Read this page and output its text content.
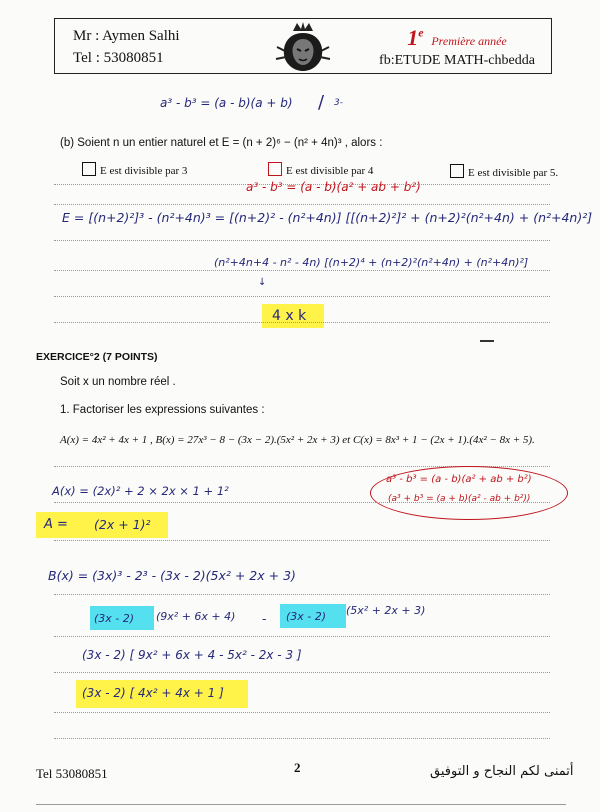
Mr : Aymen Salhi
Tel : 53080851
1e Première année
fb:ETUDE MATH-chbedda
a³ - b³ = (a - b)(a + b) / 3-
(b) Soient n un entier naturel et E = (n + 2)⁶ − (n² + 4n)³ , alors :
E est divisible par 3	E est divisible par 4	E est divisible par 5.
a³ - b³ = (a - b)(a² + ab + b²)
E = [(n+2)²]³ - (n²+4n)³ = [(n+2)² - (n²+4n)] [[(n+2)²]² + (n+2)²(n²+4n) + (n²+4n)²]
(n²+4n+4 - n² - 4n) [(n+2)⁴ + (n+2)²(n²+4n) + (n²+4n)²]
↓
4 x k
EXERCICE°2 (7 POINTS)
Soit x un nombre réel .
1. Factoriser les expressions suivantes :
A(x) = 4x² + 4x + 1 , B(x) = 27x³ − 8 − (3x − 2).(5x² + 2x + 3) et C(x) = 8x³ + 1 − (2x + 1).(4x² − 8x + 5).
A(x) = (2x)² + 2 × 2x × 1 + 1²
a³ - b³ = (a - b)(a² + ab + b²)
(a³ + b³ = (a + b)(a² - ab + b²))
A = (2x + 1)²
B(x) = (3x)³ - 2³ - (3x - 2)(5x² + 2x + 3)
(3x - 2) (9x² + 6x + 4) - (3x - 2) (5x² + 2x + 3)
(3x - 2) [ 9x² + 6x + 4 - 5x² - 2x - 3 ]
(3x - 2) [ 4x² + 4x + 1 ]
Tel 53080851	2	أتمنى لكم النجاح و التوفيق
